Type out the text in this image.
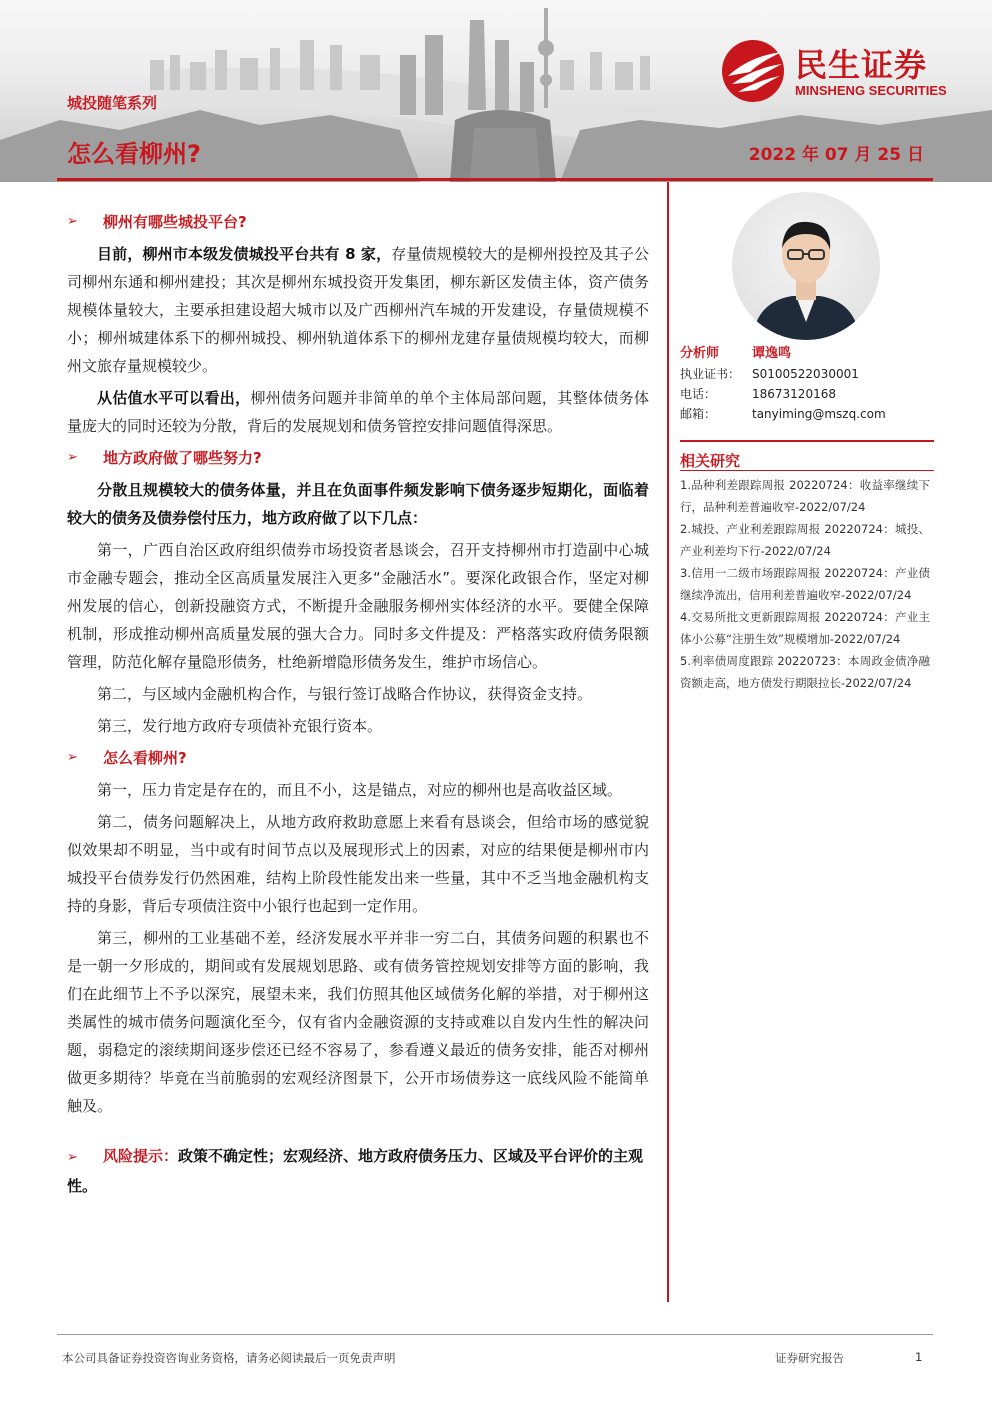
民生证券
MINSHENG SECURITIES
城投随笔系列
怎么看柳州?	2022 年 07 月 25 日
➢	柳州有哪些城投平台?
目前，柳州市本级发债城投平台共有 8 家，存量债规模较大的是柳州投控及其子公司柳州东通和柳州建投；其次是柳州东城投资开发集团，柳东新区发债主体，资产债务规模体量较大，主要承担建设超大城市以及广西柳州汽车城的开发建设，存量债规模不小；柳州城建体系下的柳州城投、柳州轨道体系下的柳州龙建存量债规模均较大，而柳州文旅存量规模较少。
从估值水平可以看出，柳州债务问题并非简单的单个主体局部问题，其整体债务体量庞大的同时还较为分散，背后的发展规划和债务管控安排问题值得深思。
➢	地方政府做了哪些努力?
分散且规模较大的债务体量，并且在负面事件频发影响下债务逐步短期化，面临着较大的债务及债券偿付压力，地方政府做了以下几点：
第一，广西自治区政府组织债券市场投资者恳谈会，召开支持柳州市打造副中心城市金融专题会，推动全区高质量发展注入更多“金融活水”。要深化政银合作，坚定对柳州发展的信心，创新投融资方式，不断提升金融服务柳州实体经济的水平。要健全保障机制，形成推动柳州高质量发展的强大合力。同时多文件提及：严格落实政府债务限额管理，防范化解存量隐形债务，杜绝新增隐形债务发生，维护市场信心。
第二，与区域内金融机构合作，与银行签订战略合作协议，获得资金支持。
第三，发行地方政府专项债补充银行资本。
➢	怎么看柳州?
第一，压力肯定是存在的，而且不小，这是锚点，对应的柳州也是高收益区域。
第二，债务问题解决上，从地方政府救助意愿上来看有恳谈会，但给市场的感觉貌似效果却不明显，当中或有时间节点以及展现形式上的因素，对应的结果便是柳州市内城投平台债券发行仍然困难，结构上阶段性能发出来一些量，其中不乏当地金融机构支持的身影，背后专项债注资中小银行也起到一定作用。
第三，柳州的工业基础不差，经济发展水平并非一穷二白，其债务问题的积累也不是一朝一夕形成的，期间或有发展规划思路、或有债务管控规划安排等方面的影响，我们在此细节上不予以深究，展望未来，我们仿照其他区域债务化解的举措，对于柳州这类属性的城市债务问题演化至今，仅有省内金融资源的支持或难以自发内生性的解决问题，弱稳定的滚续期间逐步偿还已经不容易了，参看遵义最近的债务安排，能否对柳州做更多期待？毕竟在当前脆弱的宏观经济图景下，公开市场债券这一底线风险不能简单触及。
➢ 风险提示：政策不确定性；宏观经济、地方政府债务压力、区域及平台评价的主观性。
分析师	谭逸鸣
执业证书： S0100522030001
电话：	18673120168
邮箱：	tanyiming@mszq.com
相关研究
1.品种利差跟踪周报 20220724：收益率继续下行，品种利差普遍收窄-2022/07/24
2.城投、产业利差跟踪周报 20220724：城投、产业利差均下行-2022/07/24
3.信用一二级市场跟踪周报 20220724：产业债继续净流出，信用利差普遍收窄-2022/07/24
4.交易所批文更新跟踪周报 20220724：产业主体小公募“注册生效”规模增加-2022/07/24
5.利率债周度跟踪 20220723：本周政金债净融资额走高，地方债发行期限拉长-2022/07/24
本公司具备证券投资咨询业务资格，请务必阅读最后一页免责声明	证券研究报告	1
